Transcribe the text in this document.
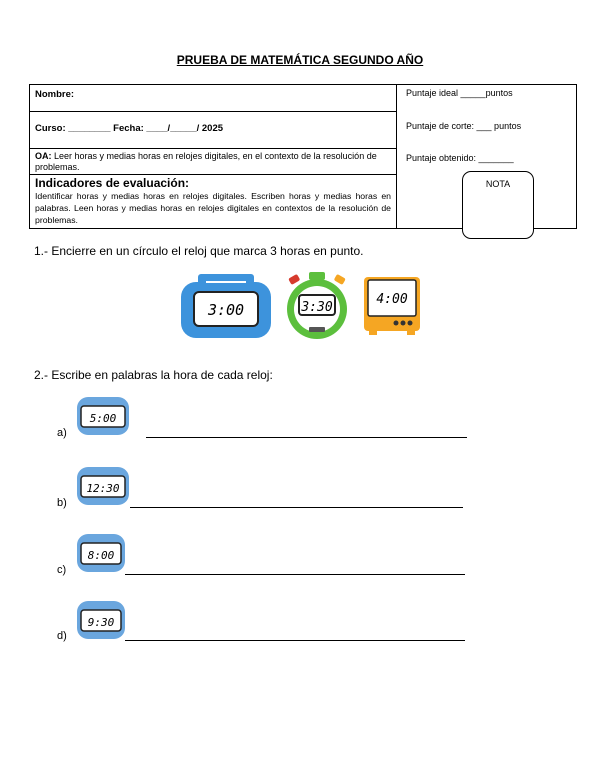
PRUEBA DE MATEMÁTICA SEGUNDO AÑO
Nombre:
Curso: ________ Fecha: ____/_____/ 2025
OA: Leer horas y medias horas en relojes digitales, en el contexto de la resolución de problemas.
Indicadores de evaluación:
Identificar horas y medias horas en relojes digitales. Escriben horas y medias horas en palabras. Leen horas y medias horas en relojes digitales en contextos de la resolución de problemas.
Puntaje ideal _____puntos
Puntaje de corte: ___ puntos
Puntaje obtenido: _______
NOTA
1.- Encierre en un círculo el reloj que marca 3 horas en punto.
3:00	3:30
4:00
2.- Escribe en palabras la hora de cada reloj:
5:00
a)
12:30
b)
8:00
c)
9:30
d)
